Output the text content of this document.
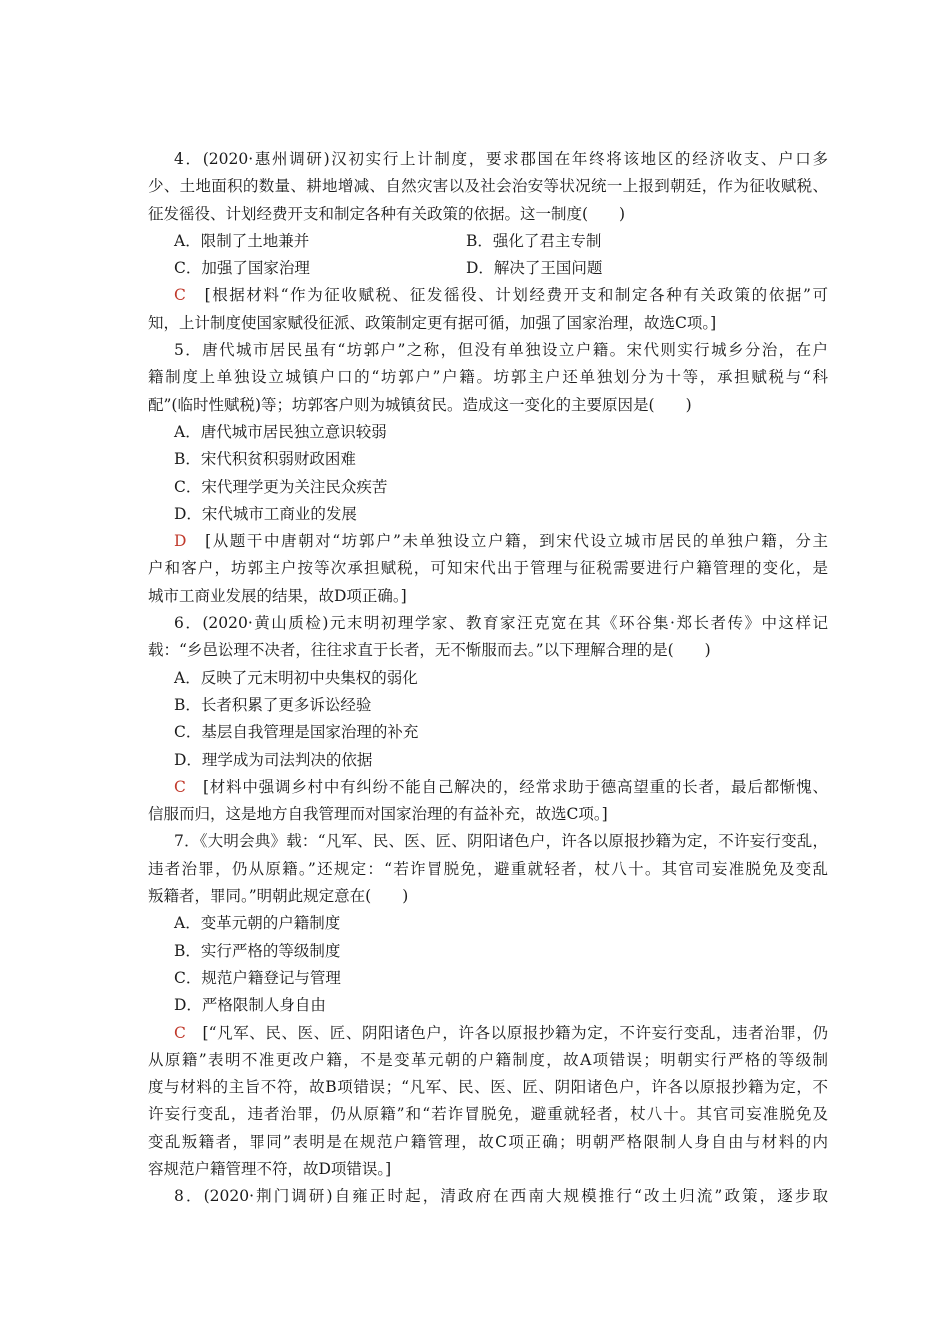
4．(2020·惠州调研)汉初实行上计制度，要求郡国在年终将该地区的经济收支、户口多
少、土地面积的数量、耕地增减、自然灾害以及社会治安等状况统一上报到朝廷，作为征收赋税、
征发徭役、计划经费开支和制定各种有关政策的依据。这一制度(　　)
A．限制了土地兼并	B．强化了君主专制
C．加强了国家治理	D．解决了王国问题
C　[根据材料“作为征收赋税、征发徭役、计划经费开支和制定各种有关政策的依据”可
知，上计制度使国家赋役征派、政策制定更有据可循，加强了国家治理，故选C项。]
5．唐代城市居民虽有“坊郭户”之称，但没有单独设立户籍。宋代则实行城乡分治，在户
籍制度上单独设立城镇户口的“坊郭户”户籍。坊郭主户还单独划分为十等，承担赋税与“科
配”(临时性赋税)等；坊郭客户则为城镇贫民。造成这一变化的主要原因是(　　)
A．唐代城市居民独立意识较弱
B．宋代积贫积弱财政困难
C．宋代理学更为关注民众疾苦
D．宋代城市工商业的发展
D　[从题干中唐朝对“坊郭户”未单独设立户籍，到宋代设立城市居民的单独户籍，分主
户和客户，坊郭主户按等次承担赋税，可知宋代出于管理与征税需要进行户籍管理的变化，是
城市工商业发展的结果，故D项正确。]
6．(2020·黄山质检)元末明初理学家、教育家汪克宽在其《环谷集·郑长者传》中这样记
载：“乡邑讼理不决者，往往求直于长者，无不惭服而去。”以下理解合理的是(　　)
A．反映了元末明初中央集权的弱化
B．长者积累了更多诉讼经验
C．基层自我管理是国家治理的补充
D．理学成为司法判决的依据
C　[材料中强调乡村中有纠纷不能自己解决的，经常求助于德高望重的长者，最后都惭愧、
信服而归，这是地方自我管理而对国家治理的有益补充，故选C项。]
7．《大明会典》载：“凡军、民、医、匠、阴阳诸色户，许各以原报抄籍为定，不许妄行变乱，
违者治罪，仍从原籍。”还规定：“若诈冒脱免，避重就轻者，杖八十。其官司妄准脱免及变乱
叛籍者，罪同。”明朝此规定意在(　　)
A．变革元朝的户籍制度
B．实行严格的等级制度
C．规范户籍登记与管理
D．严格限制人身自由
C　[“凡军、民、医、匠、阴阳诸色户，许各以原报抄籍为定，不许妄行变乱，违者治罪，仍
从原籍”表明不准更改户籍，不是变革元朝的户籍制度，故A项错误；明朝实行严格的等级制
度与材料的主旨不符，故B项错误；“凡军、民、医、匠、阴阳诸色户，许各以原报抄籍为定，不
许妄行变乱，违者治罪，仍从原籍”和“若诈冒脱免，避重就轻者，杖八十。其官司妄准脱免及
变乱叛籍者，罪同”表明是在规范户籍管理，故C项正确；明朝严格限制人身自由与材料的内
容规范户籍管理不符，故D项错误。]
8．(2020·荆门调研)自雍正时起，清政府在西南大规模推行“改土归流”政策，逐步取
